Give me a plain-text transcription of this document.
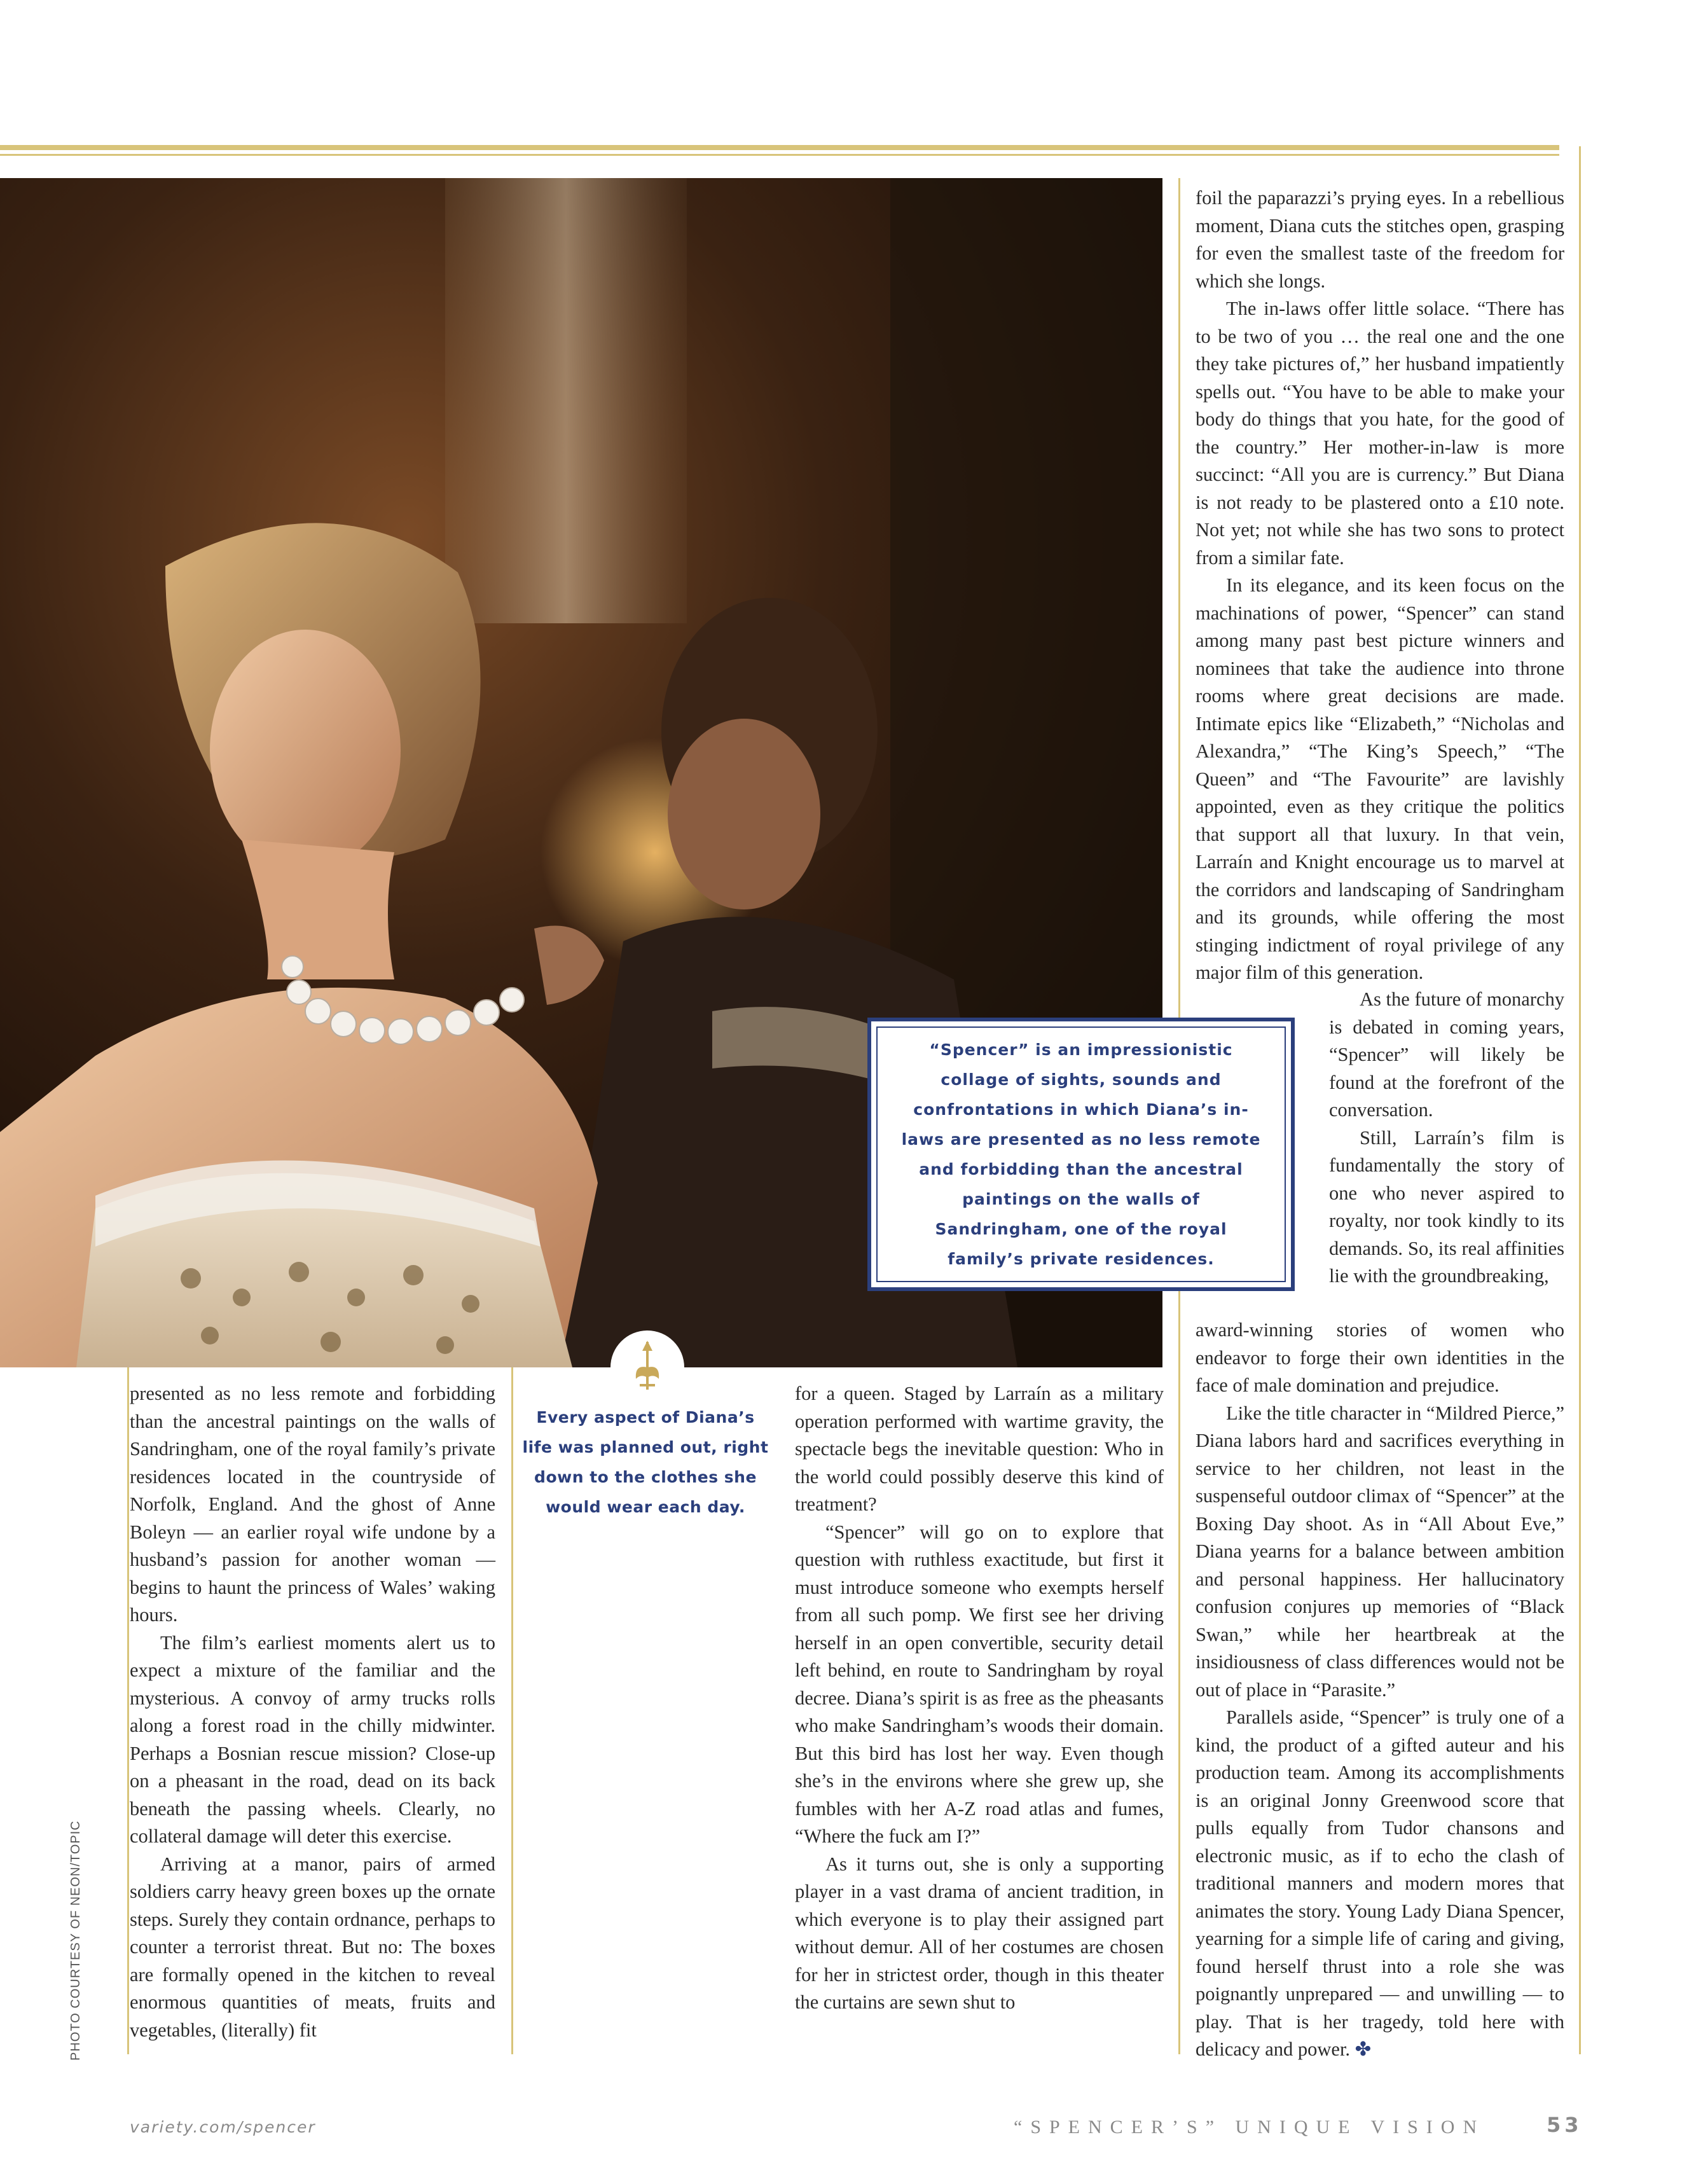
PHOTO COURTESY OF NEON/TOPIC
“Spencer” is an impressionistic collage of sights, sounds and confrontations in which Diana’s in-laws are presented as no less remote and forbidding than the ancestral paintings on the walls of Sandringham, one of the royal family’s private residences.
Every aspect of Diana’s life was planned out, right down to the clothes she would wear each day.

presented as no less remote and forbidding than the ancestral paintings on the walls of Sandringham, one of the royal family’s private residences located in the countryside of Norfolk, England. And the ghost of Anne Boleyn — an earlier royal wife undone by a husband’s passion for another woman — begins to haunt the princess of Wales’ waking hours.

The film’s earliest moments alert us to expect a mixture of the familiar and the mysterious. A convoy of army trucks rolls along a forest road in the chilly midwinter. Perhaps a Bosnian rescue mission? Close-up on a pheasant in the road, dead on its back beneath the passing wheels. Clearly, no collateral damage will deter this exercise.

Arriving at a manor, pairs of armed soldiers carry heavy green boxes up the ornate steps. Surely they contain ordnance, perhaps to counter a terrorist threat. But no: The boxes are formally opened in the kitchen to reveal enormous quantities of meats, fruits and vegetables, (literally) fit

for a queen. Staged by Larraín as a military operation performed with wartime gravity, the spectacle begs the inevitable question: Who in the world could possibly deserve this kind of treatment?

“Spencer” will go on to explore that question with ruthless exactitude, but first it must introduce someone who exempts herself from all such pomp. We first see her driving herself in an open convertible, security detail left behind, en route to Sandringham by royal decree. Diana’s spirit is as free as the pheasants who make Sandringham’s woods their domain. But this bird has lost her way. Even though she’s in the environs where she grew up, she fumbles with her A-Z road atlas and fumes, “Where the fuck am I?”

As it turns out, she is only a supporting player in a vast drama of ancient tradition, in which everyone is to play their assigned part without demur. All of her costumes are chosen for her in strictest order, though in this theater the curtains are sewn shut to

foil the paparazzi’s prying eyes. In a rebellious moment, Diana cuts the stitches open, grasping for even the smallest taste of the freedom for which she longs.

The in-laws offer little solace. “There has to be two of you … the real one and the one they take pictures of,” her husband impatiently spells out. “You have to be able to make your body do things that you hate, for the good of the country.” Her mother-in-law is more succinct: “All you are is currency.” But Diana is not ready to be plastered onto a £10 note. Not yet; not while she has two sons to protect from a similar fate.

In its elegance, and its keen focus on the machinations of power, “Spencer” can stand among many past best picture winners and nominees that take the audience into throne rooms where great decisions are made. Intimate epics like “Elizabeth,” “Nicholas and Alexandra,” “The King’s Speech,” “The Queen” and “The Favourite” are lavishly appointed, even as they critique the politics that support all that luxury. In that vein, Larraín and Knight encourage us to marvel at the corridors and landscaping of Sandringham and its grounds, while offering the most stinging indictment of royal privilege of any major film of this generation.

As the future of monarchy is debated in coming years, “Spencer” will likely be found at the forefront of the conversation.

Still, Larraín’s film is fundamentally the story of one who never aspired to royalty, nor took kindly to its demands. So, its real affinities lie with the groundbreaking,

award-winning stories of women who endeavor to forge their own identities in the face of male domination and prejudice.

Like the title character in “Mildred Pierce,” Diana labors hard and sacrifices everything in service to her children, not least in the suspenseful outdoor climax of “Spencer” at the Boxing Day shoot. As in “All About Eve,” Diana yearns for a balance between ambition and personal happiness. Her hallucinatory confusion conjures up memories of “Black Swan,” while her heartbreak at the insidiousness of class differences would not be out of place in “Parasite.”

Parallels aside, “Spencer” is truly one of a kind, the product of a gifted auteur and his production team. Among its accomplishments is an original Jonny Greenwood score that pulls equally from Tudor chansons and electronic music, as if to echo the clash of traditional manners and modern mores that animates the story. Young Lady Diana Spencer, yearning for a simple life of caring and giving, found herself thrust into a role she was poignantly unprepared — and unwilling — to play. That is her tragedy, told here with delicacy and power. ✤

variety.com/spencer	“SPENCER’S” UNIQUE VISION	53
